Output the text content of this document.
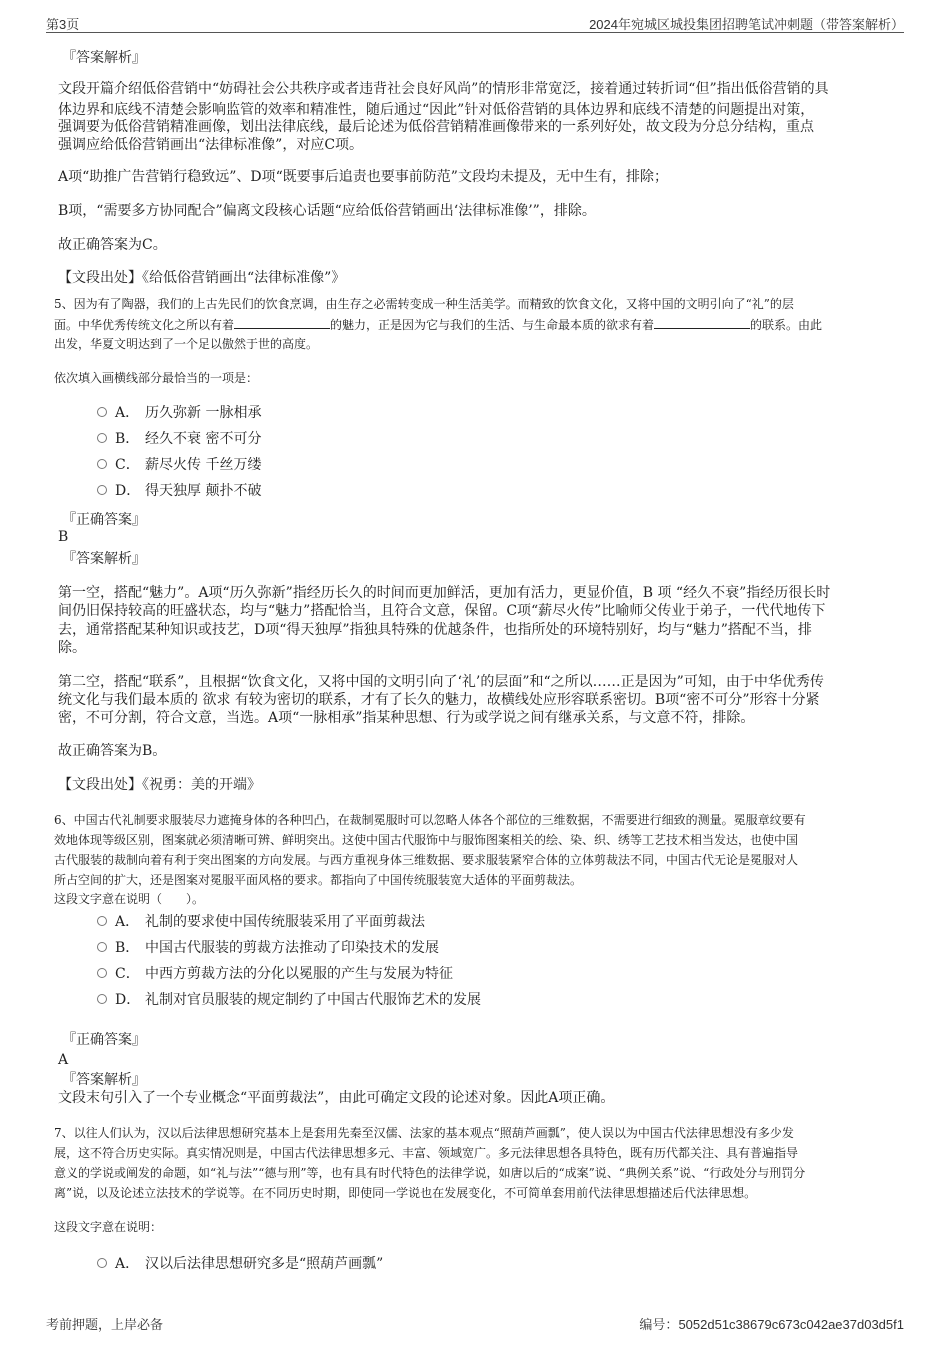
第3页	2024年宛城区城投集团招聘笔试冲刺题（带答案解析）

『答案解析』

文段开篇介绍低俗营销中“妨碍社会公共秩序或者违背社会良好风尚”的情形非常宽泛，接着通过转折词“但”指出低俗营销的具

体边界和底线不清楚会影响监管的效率和精准性，随后通过“因此”针对低俗营销的具体边界和底线不清楚的问题提出对策，

强调要为低俗营销精准画像，划出法律底线，最后论述为低俗营销精准画像带来的一系列好处，故文段为分总分结构，重点

强调应给低俗营销画出“法律标准像”，对应C项。

A项“助推广告营销行稳致远”、D项“既要事后追责也要事前防范”文段均未提及，无中生有，排除；

B项，“需要多方协同配合”偏离文段核心话题“应给低俗营销画出‘法律标准像’”，排除。

故正确答案为C。

【文段出处】《给低俗营销画出“法律标准像”》

5、因为有了陶器，我们的上古先民们的饮食烹调，由生存之必需转变成一种生活美学。而精致的饮食文化，又将中国的文明引向了“礼”的层

面。中华优秀传统文化之所以有着	的魅力，正是因为它与我们的生活、与生命最本质的欲求有着	的联系。由此

出发，华夏文明达到了一个足以傲然于世的高度。

依次填入画横线部分最恰当的一项是：

A． 历久弥新 一脉相承
B． 经久不衰 密不可分
C． 薪尽火传 千丝万缕
D． 得天独厚 颠扑不破

『正确答案』

B

『答案解析』

第一空，搭配“魅力”。A项“历久弥新”指经历长久的时间而更加鲜活，更加有活力，更显价值，B 项 “经久不衰”指经历很长时

间仍旧保持较高的旺盛状态，均与“魅力”搭配恰当，且符合文意，保留。C项“薪尽火传”比喻师父传业于弟子，一代代地传下

去，通常搭配某种知识或技艺，D项“得天独厚”指独具特殊的优越条件，也指所处的环境特别好，均与“魅力”搭配不当，排

除。

第二空，搭配“联系”，且根据“饮食文化，又将中国的文明引向了‘礼’的层面”和“之所以……正是因为”可知，由于中华优秀传

统文化与我们最本质的 欲求 有较为密切的联系，才有了长久的魅力，故横线处应形容联系密切。B项“密不可分”形容十分紧

密，不可分割，符合文意，当选。A项“一脉相承”指某种思想、行为或学说之间有继承关系，与文意不符，排除。

故正确答案为B。

【文段出处】《祝勇：美的开端》

6、中国古代礼制要求服装尽力遮掩身体的各种凹凸，在裁制冕服时可以忽略人体各个部位的三维数据，不需要进行细致的测量。冕服章纹要有

效地体现等级区别，图案就必须清晰可辨、鲜明突出。这使中国古代服饰中与服饰图案相关的绘、染、织、绣等工艺技术相当发达，也使中国

古代服装的裁制向着有利于突出图案的方向发展。与西方重视身体三维数据、要求服装紧窄合体的立体剪裁法不同，中国古代无论是冕服对人

所占空间的扩大，还是图案对冕服平面风格的要求。都指向了中国传统服装宽大适体的平面剪裁法。

这段文字意在说明（　　）。

A． 礼制的要求使中国传统服装采用了平面剪裁法
B． 中国古代服装的剪裁方法推动了印染技术的发展
C． 中西方剪裁方法的分化以冕服的产生与发展为特征
D． 礼制对官员服装的规定制约了中国古代服饰艺术的发展

『正确答案』

A

『答案解析』

文段末句引入了一个专业概念“平面剪裁法”，由此可确定文段的论述对象。因此A项正确。

7、以往人们认为，汉以后法律思想研究基本上是套用先秦至汉儒、法家的基本观点“照葫芦画瓢”，使人误以为中国古代法律思想没有多少发

展，这不符合历史实际。真实情况则是，中国古代法律思想多元、丰富、领域宽广。多元法律思想各具特色，既有历代都关注、具有普遍指导

意义的学说或阐发的命题，如“礼与法”“德与刑”等，也有具有时代特色的法律学说，如唐以后的“成案”说、“典例关系”说、“行政处分与刑罚分

离”说，以及论述立法技术的学说等。在不同历史时期，即使同一学说也在发展变化，不可简单套用前代法律思想描述后代法律思想。

这段文字意在说明：

A． 汉以后法律思想研究多是“照葫芦画瓢”
考前押题，上岸必备	编号：5052d51c38679c673c042ae37d03d5f1
